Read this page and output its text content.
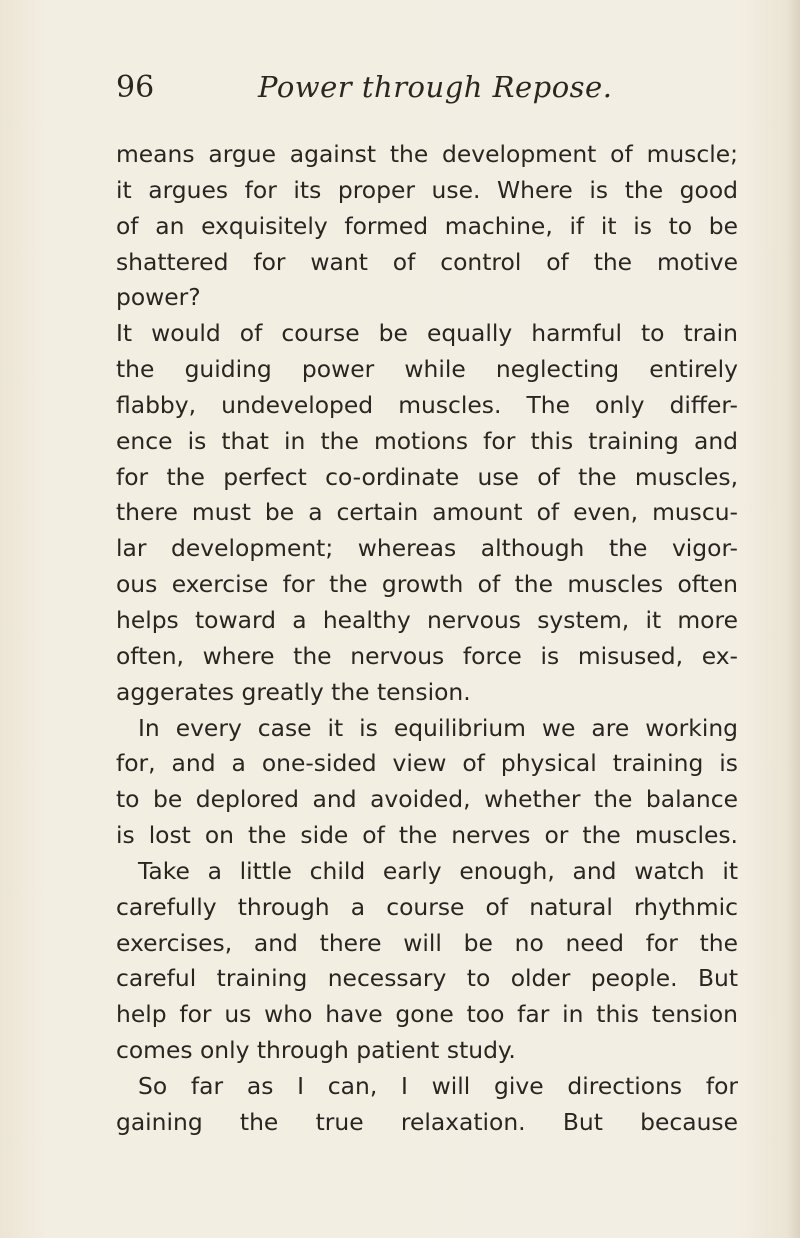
96	Power through Repose.
means argue against the development of muscle;
it argues for its proper use. Where is the good
of an exquisitely formed machine, if it is to be
shattered for want of control of the motive
power?
It would of course be equally harmful to train
the guiding power while neglecting entirely
flabby, undeveloped muscles. The only differ-
ence is that in the motions for this training and
for the perfect co-ordinate use of the muscles,
there must be a certain amount of even, muscu-
lar development; whereas although the vigor-
ous exercise for the growth of the muscles often
helps toward a healthy nervous system, it more
often, where the nervous force is misused, ex-
aggerates greatly the tension.
In every case it is equilibrium we are working
for, and a one-sided view of physical training is
to be deplored and avoided, whether the balance
is lost on the side of the nerves or the muscles.
Take a little child early enough, and watch it
carefully through a course of natural rhythmic
exercises, and there will be no need for the
careful training necessary to older people. But
help for us who have gone too far in this tension
comes only through patient study.
So far as I can, I will give directions for
gaining the true relaxation. But because
